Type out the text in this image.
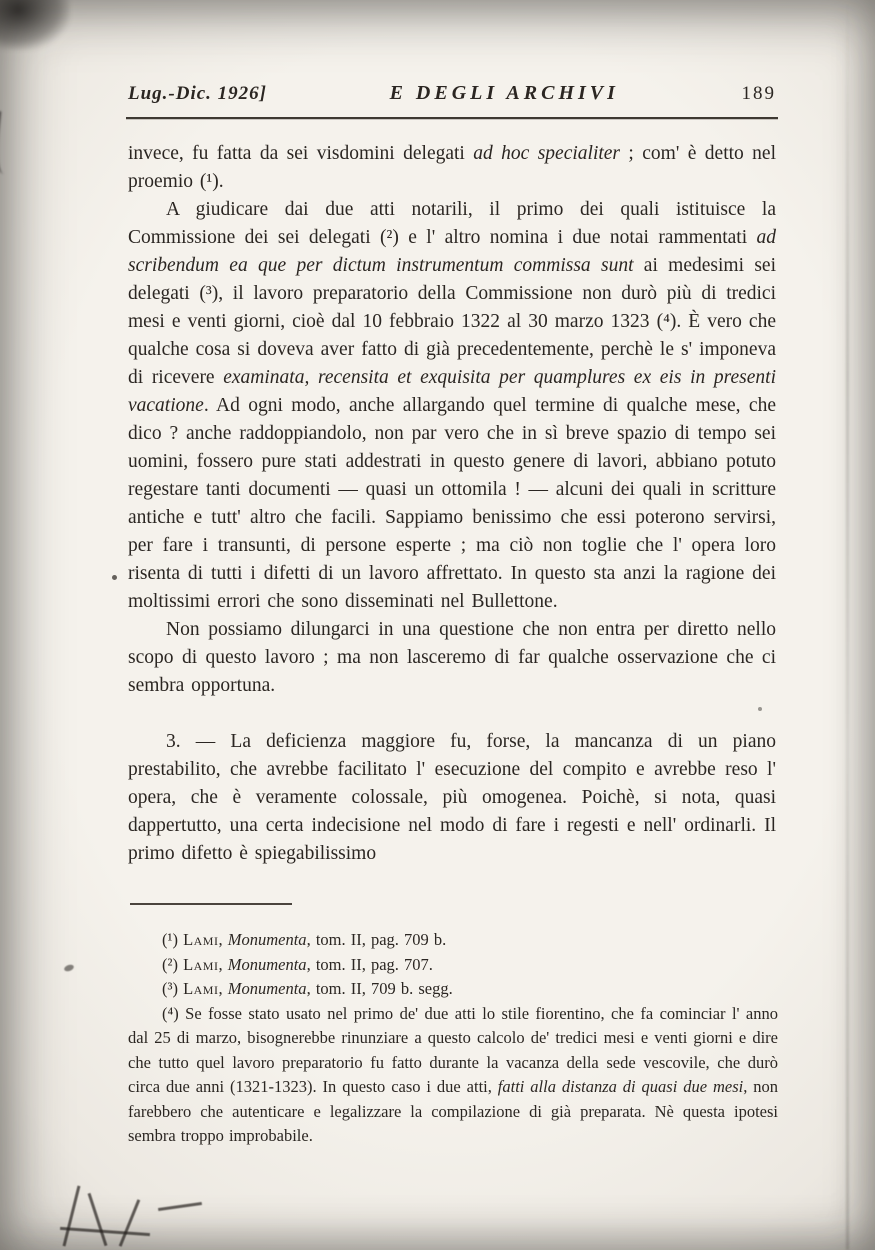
Lug.-Dic. 1926]	E DEGLI ARCHIVI	189

invece, fu fatta da sei visdomini delegati ad hoc specialiter ; com' è detto nel proemio (¹).

A giudicare dai due atti notarili, il primo dei quali istituisce la Commissione dei sei delegati (²) e l' altro nomina i due notai rammentati ad scribendum ea que per dictum instrumentum commissa sunt ai medesimi sei delegati (³), il lavoro preparatorio della Commissione non durò più di tredici mesi e venti giorni, cioè dal 10 febbraio 1322 al 30 marzo 1323 (⁴). È vero che qualche cosa si doveva aver fatto di già precedentemente, perchè le s' imponeva di ricevere examinata, recensita et exquisita per quamplures ex eis in presenti vacatione. Ad ogni modo, anche allargando quel termine di qualche mese, che dico ? anche raddoppiandolo, non par vero che in sì breve spazio di tempo sei uomini, fossero pure stati addestrati in questo genere di lavori, abbiano potuto regestare tanti documenti — quasi un ottomila ! — alcuni dei quali in scritture antiche e tutt' altro che facili. Sappiamo benissimo che essi poterono servirsi, per fare i transunti, di persone esperte ; ma ciò non toglie che l' opera loro risenta di tutti i difetti di un lavoro affrettato. In questo sta anzi la ragione dei moltissimi errori che sono disseminati nel Bullettone.

Non possiamo dilungarci in una questione che non entra per diretto nello scopo di questo lavoro ; ma non lasceremo di far qualche osservazione che ci sembra opportuna.

3. — La deficienza maggiore fu, forse, la mancanza di un piano prestabilito, che avrebbe facilitato l' esecuzione del compito e avrebbe reso l' opera, che è veramente colossale, più omogenea. Poichè, si nota, quasi dappertutto, una certa indecisione nel modo di fare i regesti e nell' ordinarli. Il primo difetto è spiegabilissimo

(¹) Lami, Monumenta, tom. II, pag. 709 b.

(²) Lami, Monumenta, tom. II, pag. 707.

(³) Lami, Monumenta, tom. II, 709 b. segg.

(⁴) Se fosse stato usato nel primo de' due atti lo stile fiorentino, che fa cominciar l' anno dal 25 di marzo, bisognerebbe rinunziare a questo calcolo de' tredici mesi e venti giorni e dire che tutto quel lavoro preparatorio fu fatto durante la vacanza della sede vescovile, che durò circa due anni (1321-1323). In questo caso i due atti, fatti alla distanza di quasi due mesi, non farebbero che autenticare e legalizzare la compilazione di già preparata. Nè questa ipotesi sembra troppo improbabile.
